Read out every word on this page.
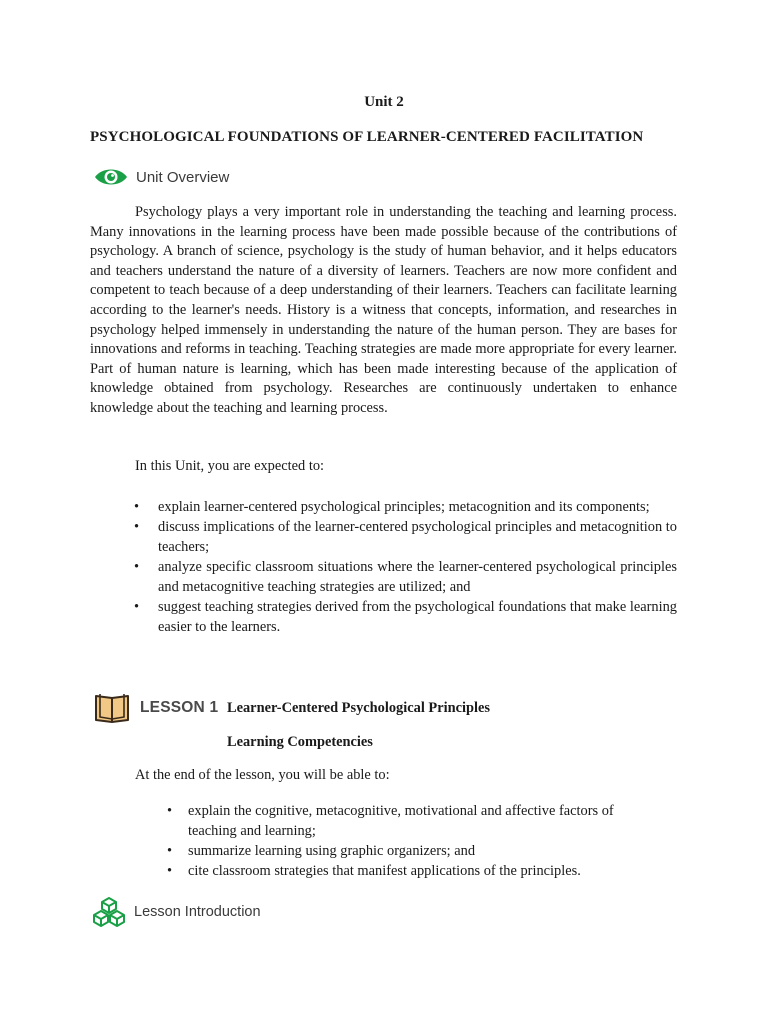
Unit 2
PSYCHOLOGICAL FOUNDATIONS OF LEARNER-CENTERED FACILITATION
Unit Overview

Psychology plays a very important role in understanding the teaching and learning process. Many innovations in the learning process have been made possible because of the contributions of psychology. A branch of science, psychology is the study of human behavior, and it helps educators and teachers understand the nature of a diversity of learners. Teachers are now more confident and competent to teach because of a deep understanding of their learners. Teachers can facilitate learning according to the learner's needs. History is a witness that concepts, information, and researches in psychology helped immensely in understanding the nature of the human person. They are bases for innovations and reforms in teaching. Teaching strategies are made more appropriate for every learner. Part of human nature is learning, which has been made interesting because of the application of knowledge obtained from psychology. Researches are continuously undertaken to enhance knowledge about the teaching and learning process.

In this Unit, you are expected to:
• explain learner-centered psychological principles; metacognition and its components;
• discuss implications of the learner-centered psychological principles and metacognition to teachers;
• analyze specific classroom situations where the learner-centered psychological principles and metacognitive teaching strategies are utilized; and
• suggest teaching strategies derived from the psychological foundations that make learning easier to the learners.
LESSON 1 Learner-Centered Psychological Principles
Learning Competencies
At the end of the lesson, you will be able to:
• explain the cognitive, metacognitive, motivational and affective factors of teaching and learning;
• summarize learning using graphic organizers; and
• cite classroom strategies that manifest applications of the principles.
Lesson Introduction
